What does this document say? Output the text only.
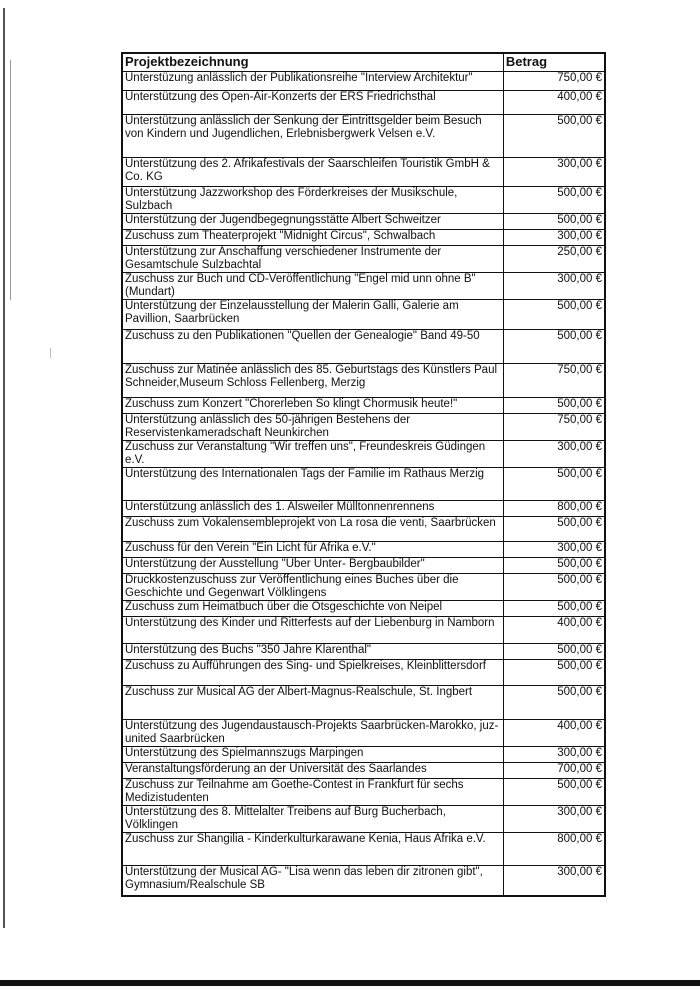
Projektbezeichnung	Betrag
Unterstüzung anlässlich der Publikationsreihe "Interview Architektur"	750,00 €
Unterstützung des Open-Air-Konzerts der ERS Friedrichsthal	400,00 €
Unterstützung anlässlich der Senkung der Eintrittsgelder beim Besuch von Kindern und Jugendlichen, Erlebnisbergwerk Velsen e.V.	500,00 €
Unterstützung des 2. Afrikafestivals der Saarschleifen Touristik GmbH & Co. KG	300,00 €
Unterstützung Jazzworkshop des Förderkreises der Musikschule, Sulzbach	500,00 €
Unterstützung der Jugendbegegnungsstätte Albert Schweitzer	500,00 €
Zuschuss zum Theaterprojekt "Midnight Circus", Schwalbach	300,00 €
Unterstützung zur Anschaffung verschiedener Instrumente der Gesamtschule Sulzbachtal	250,00 €
Zuschuss zur Buch und CD-Veröffentlichung "Engel mid unn ohne B" (Mundart)	300,00 €
Unterstützung der Einzelausstellung der Malerin Galli, Galerie am Pavillion, Saarbrücken	500,00 €
Zuschuss zu den Publikationen "Quellen der Genealogie" Band 49-50	500,00 €
Zuschuss zur Matinée anlässlich des 85. Geburtstags des Künstlers Paul Schneider,Museum Schloss Fellenberg, Merzig	750,00 €
Zuschuss zum Konzert "Chorerleben So klingt Chormusik heute!"	500,00 €
Unterstützung anlässlich des 50-jährigen Bestehens der Reservistenkameradschaft Neunkirchen	750,00 €
Zuschuss zur Veranstaltung "Wir treffen uns", Freundeskreis Güdingen e.V.	300,00 €
Unterstützung des Internationalen Tags der Familie im Rathaus Merzig	500,00 €
Unterstützung anlässlich des 1. Alsweiler Mülltonnenrennens	800,00 €
Zuschuss zum Vokalensembleprojekt von La rosa die venti, Saarbrücken	500,00 €
Zuschuss für den Verein "Ein Licht für Afrika e.V."	300,00 €
Unterstützung der Ausstellung "Über Unter- Bergbaubilder"	500,00 €
Druckkostenzuschuss zur Veröffentlichung eines Buches über die Geschichte und Gegenwart Völklingens	500,00 €
Zuschuss zum Heimatbuch über die Otsgeschichte von Neipel	500,00 €
Unterstützung des Kinder und Ritterfests auf der Liebenburg in Namborn	400,00 €
Unterstützung des Buchs "350 Jahre Klarenthal"	500,00 €
Zuschuss zu Aufführungen des Sing- und Spielkreises, Kleinblittersdorf	500,00 €
Zuschuss zur Musical AG der Albert-Magnus-Realschule, St. Ingbert	500,00 €
Unterstützung des Jugendaustausch-Projekts Saarbrücken-Marokko, juz-united Saarbrücken	400,00 €
Unterstützung des Spielmannszugs Marpingen	300,00 €
Veranstaltungsförderung an der Universität des Saarlandes	700,00 €
Zuschuss zur Teilnahme am Goethe-Contest in Frankfurt für sechs Medizistudenten	500,00 €
Unterstützung des 8. Mittelalter Treibens auf Burg Bucherbach, Völklingen	300,00 €
Zuschuss zur Shangilia - Kinderkulturkarawane Kenia, Haus Afrika e.V.	800,00 €
Unterstützung der Musical AG- "Lisa wenn das leben dir zitronen gibt", Gymnasium/Realschule SB	300,00 €
